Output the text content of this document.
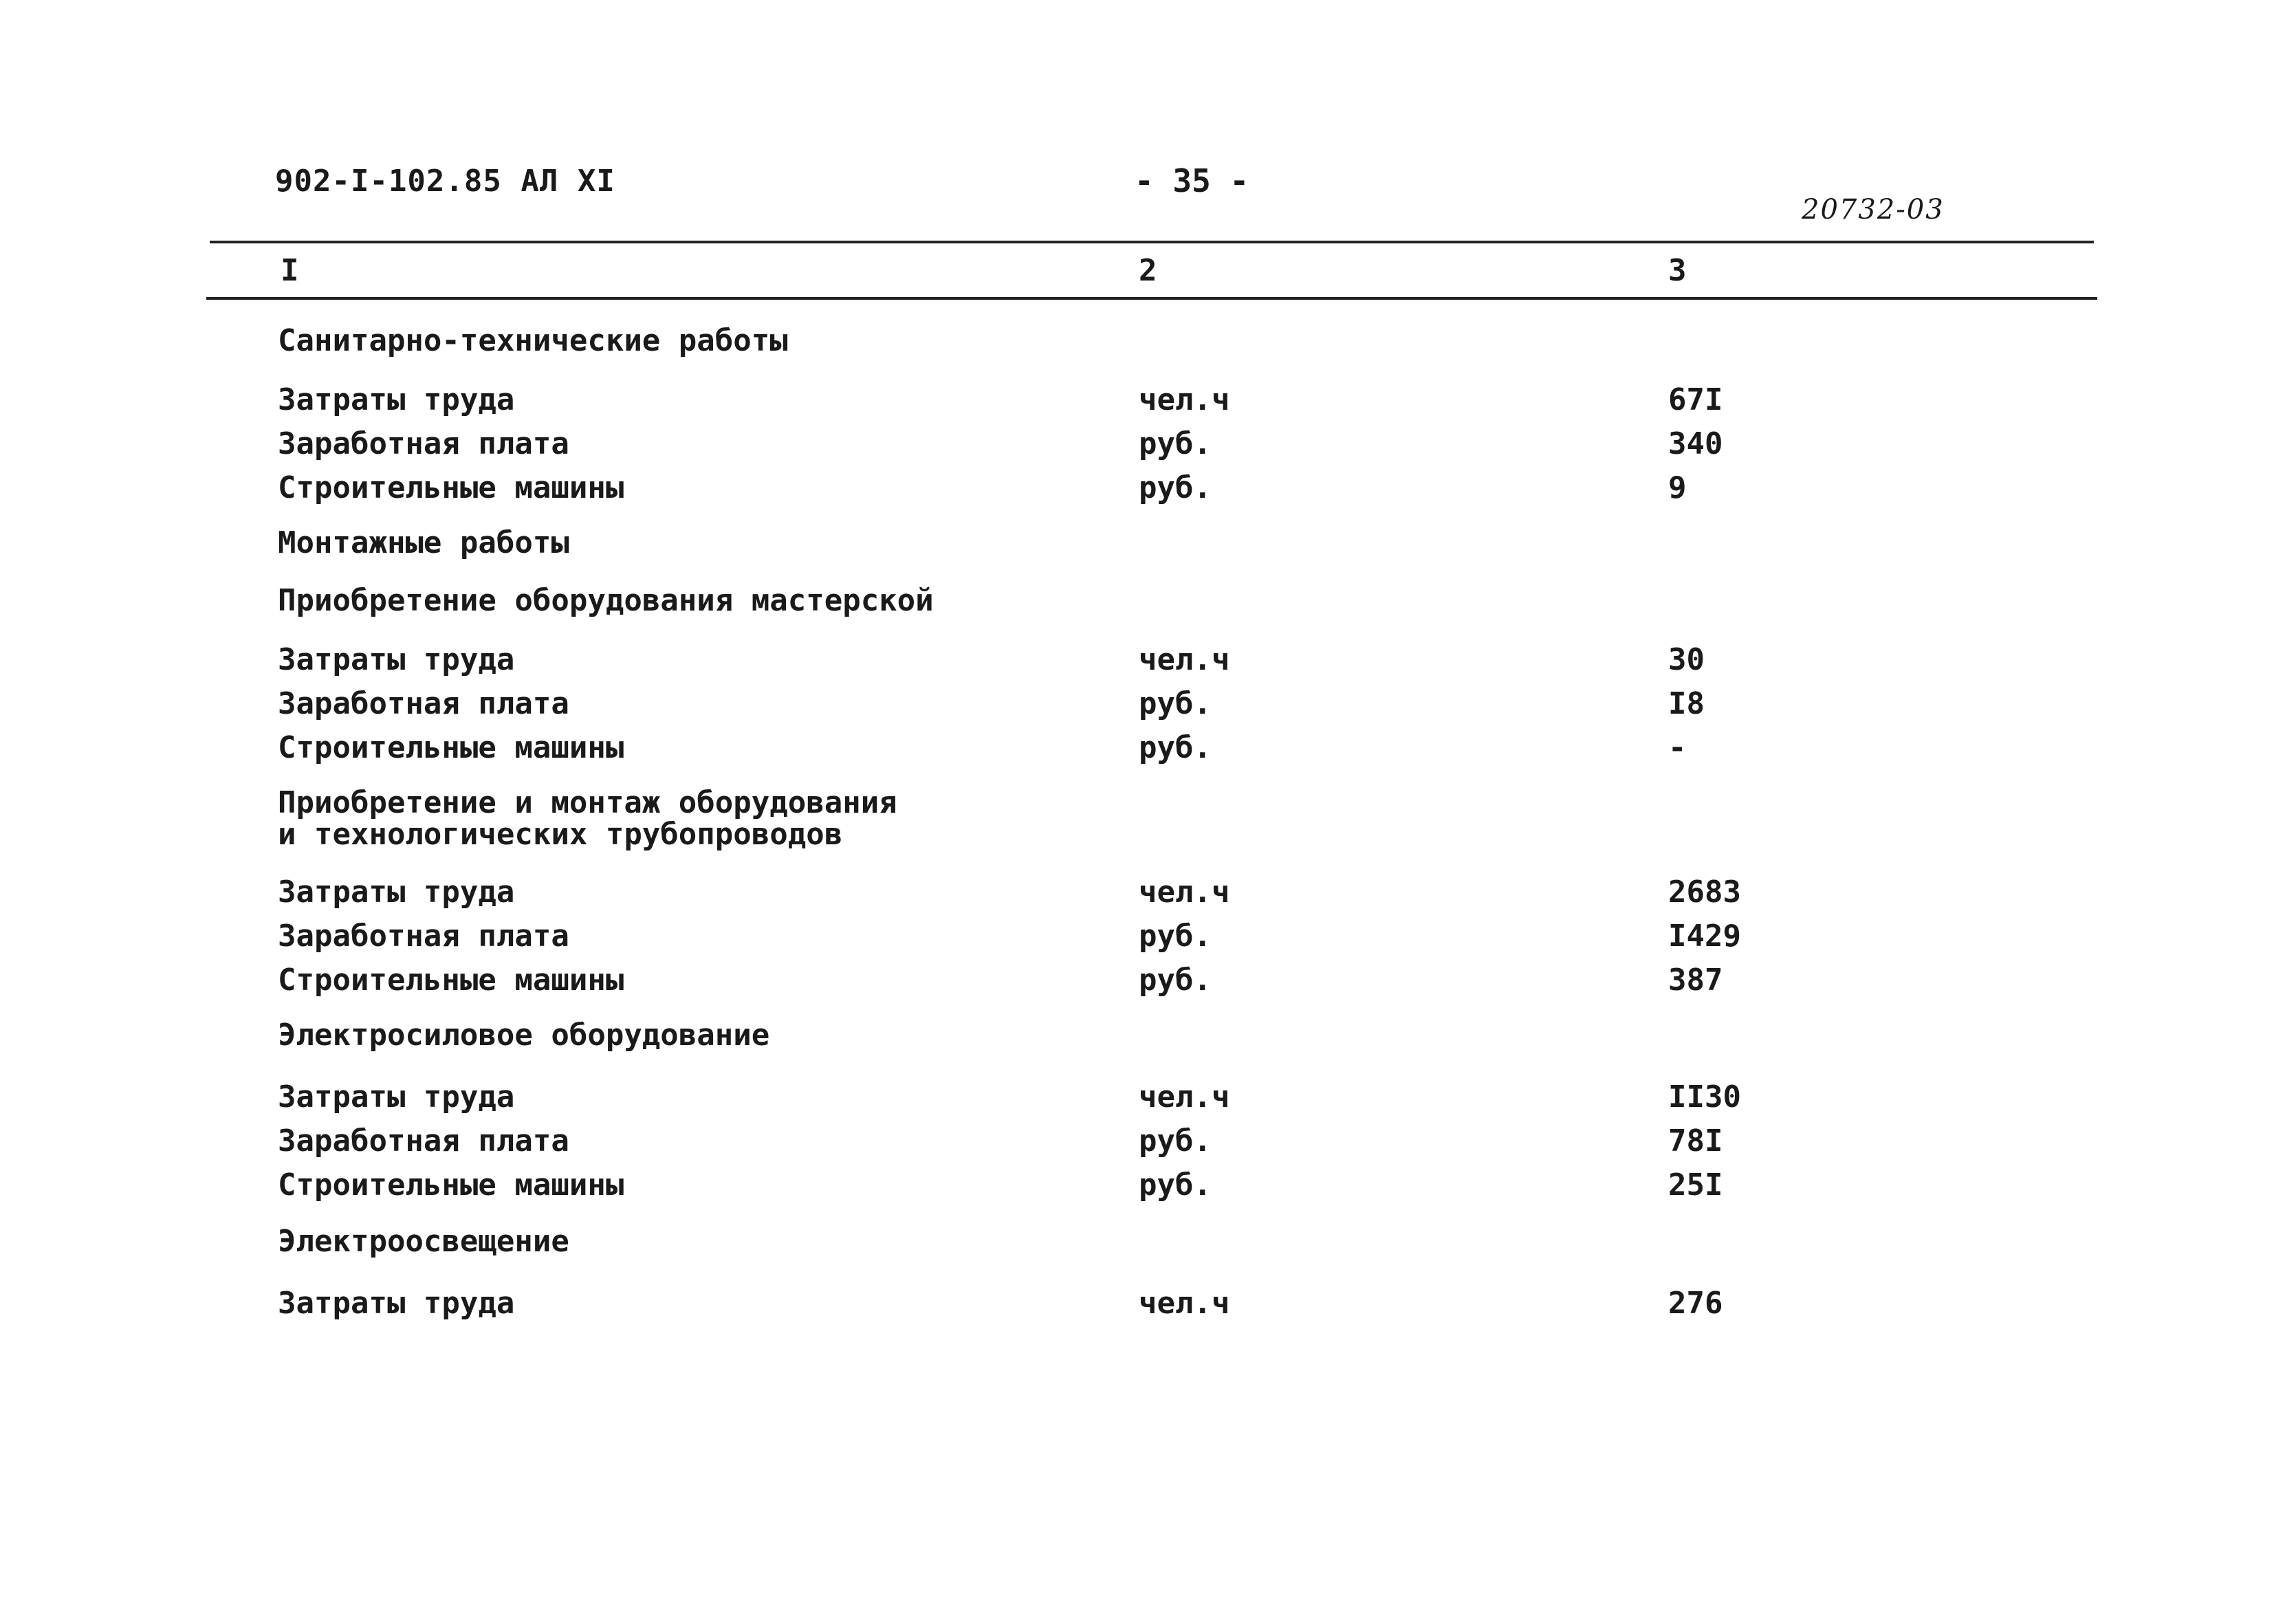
902-I-102.85 АЛ XI	- 35 -
20732-03
I	2	3
Санитарно-технические работы
Затраты труда	чел.ч	67I
Заработная плата	руб.	340
Строительные машины	руб.	9
Монтажные работы
Приобретение оборудования мастерской
Затраты труда	чел.ч	30
Заработная плата	руб.	I8
Строительные машины	руб.	-
Приобретение и монтаж оборудования
и технологических трубопроводов
Затраты труда	чел.ч	2683
Заработная плата	руб.	I429
Строительные машины	руб.	387
Электросиловое оборудование
Затраты труда	чел.ч	II30
Заработная плата	руб.	78I
Строительные машины	руб.	25I
Электроосвещение
Затраты труда	чел.ч	276
